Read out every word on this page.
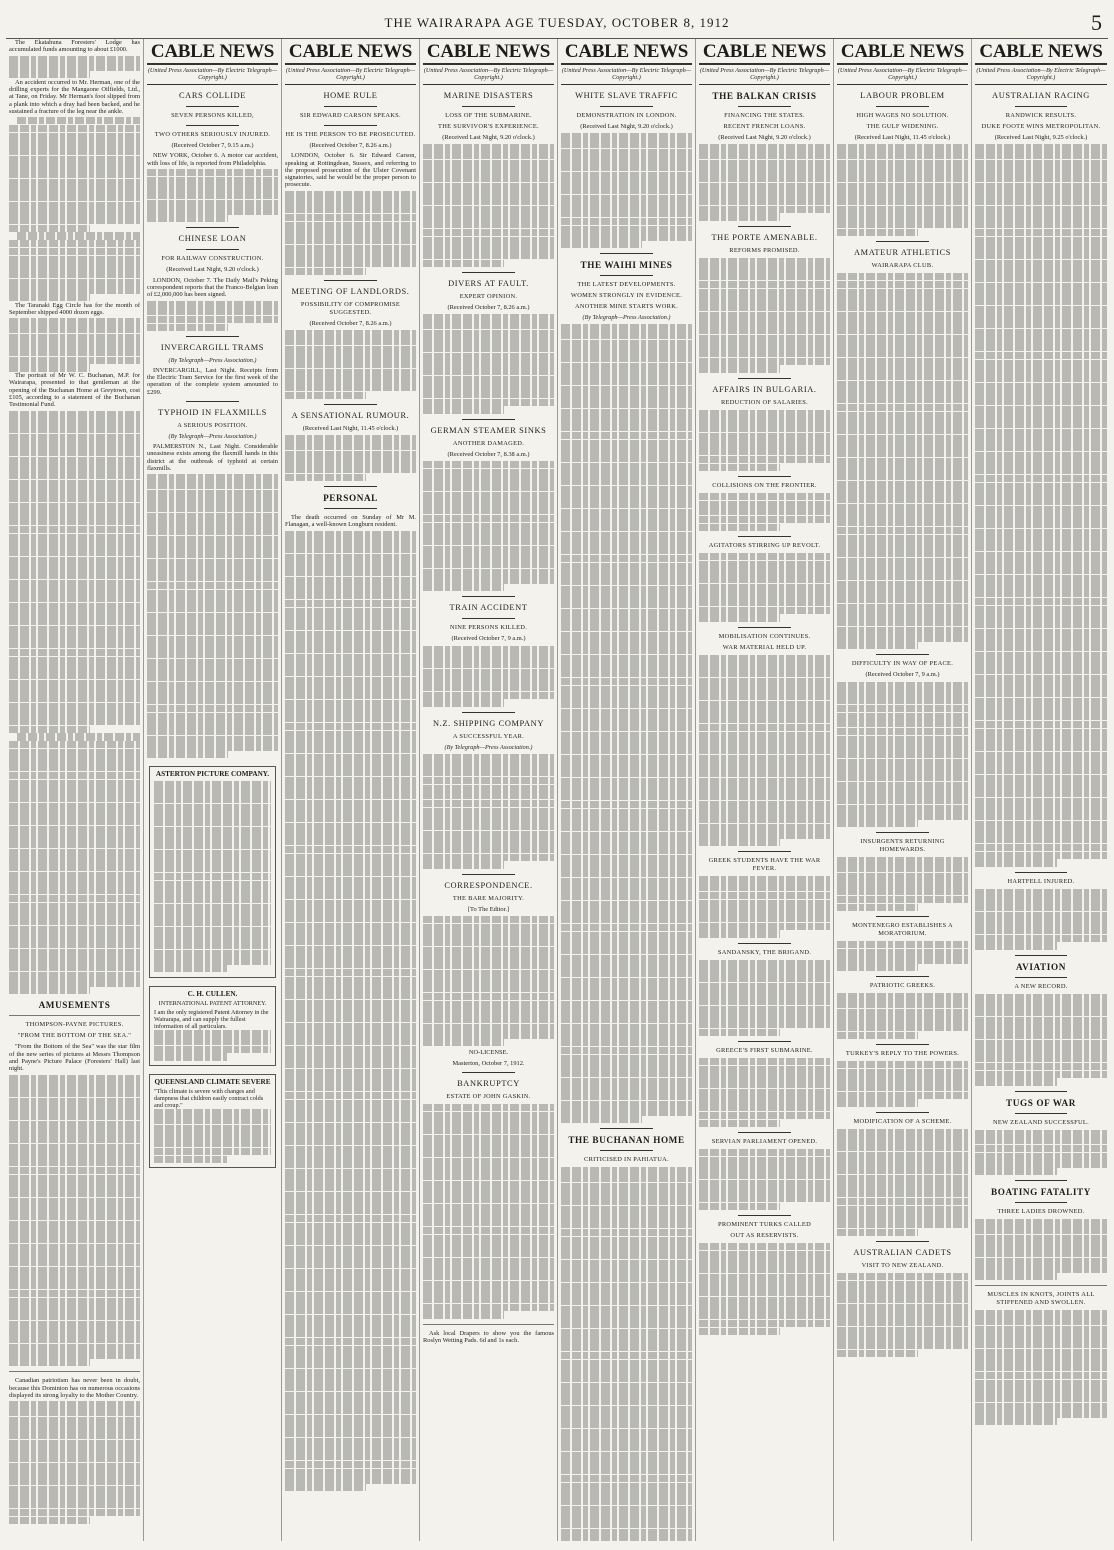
THE WAIRARAPA AGE TUESDAY, OCTOBER 8, 1912	5

The Ekatahuna Foresters' Lodge has accumulated funds amounting to about £1000.

An accident occurred to Mr. Herman, one of the drilling experts for the Mangaone Oilfields, Ltd., at Tane, on Friday. Mr Herman's foot slipped from a plank into which a dray had been backed, and he sustained a fracture of the leg near the ankle.

The Taranaki Egg Circle has for the month of September shipped 4000 dozen eggs.

The portrait of Mr W. C. Buchanan, M.P. for Wairarapa, presented to that gentleman at the opening of the Buchanan Home at Greytown, cost £105, according to a statement of the Buchanan Testimonial Fund.

AMUSEMENTS
THOMPSON-PAYNE PICTURES.
"FROM THE BOTTOM OF THE SEA."

"From the Bottom of the Sea" was the star film of the new series of pictures at Messrs Thompson and Payne's Picture Palace (Foresters' Hall) last night.

Canadian patriotism has never been in doubt, because this Dominion has on numerous occasions displayed its strong loyalty to the Mother Country.

CABLE NEWS
(United Press Association—By Electric Telegraph—Copyright.)
CARS COLLIDE
SEVEN PERSONS KILLED,
TWO OTHERS SERIOUSLY INJURED.
(Received October 7, 9.15 a.m.)

NEW YORK, October 6. A motor car accident, with loss of life, is reported from Philadelphia.

CHINESE LOAN
FOR RAILWAY CONSTRUCTION.
(Received Last Night, 9.20 o'clock.)

LONDON, October 7. The Daily Mail's Peking correspondent reports that the Franco-Belgian loan of £2,000,000 has been signed.

INVERCARGILL TRAMS
(By Telegraph—Press Association.)

INVERCARGILL, Last Night. Receipts from the Electric Tram Service for the first week of the operation of the complete system amounted to £299.

TYPHOID IN FLAXMILLS
A SERIOUS POSITION.
(By Telegraph—Press Association.)

PALMERSTON N., Last Night. Considerable uneasiness exists among the flaxmill hands in this district at the outbreak of typhoid at certain flaxmills.

ASTERTON PICTURE COMPANY.
C. H. CULLEN.
INTERNATIONAL PATENT ATTORNEY.
I am the only registered Patent Attorney in the Wairarapa, and can supply the fullest information of all particulars.
QUEENSLAND CLIMATE SEVERE
"This climate is severe with changes and dampness that children easily contract colds and croup."
CABLE NEWS
(United Press Association—By Electric Telegraph—Copyright.)
HOME RULE
SIR EDWARD CARSON SPEAKS.
HE IS THE PERSON TO BE PROSECUTED.
(Received October 7, 8.26 a.m.)

LONDON, October 6. Sir Edward Carson, speaking at Rottingdean, Sussex, and referring to the proposed prosecution of the Ulster Covenant signatories, said he would be the proper person to prosecute.

MEETING OF LANDLORDS.
POSSIBILITY OF COMPROMISE SUGGESTED.
(Received October 7, 8.26 a.m.)
A SENSATIONAL RUMOUR.
(Received Last Night, 11.45 o'clock.)
PERSONAL

The death occurred on Sunday of Mr M. Flanagan, a well-known Longburn resident.

CABLE NEWS
(United Press Association—By Electric Telegraph—Copyright.)
MARINE DISASTERS
LOSS OF THE SUBMARINE.
THE SURVIVOR'S EXPERIENCE.
(Received Last Night, 9.20 o'clock.)
DIVERS AT FAULT.
EXPERT OPINION.
(Received October 7, 8.26 a.m.)
GERMAN STEAMER SINKS
ANOTHER DAMAGED.
(Received October 7, 8.38 a.m.)
TRAIN ACCIDENT
NINE PERSONS KILLED.
(Received October 7, 9 a.m.)
N.Z. SHIPPING COMPANY
A SUCCESSFUL YEAR.
(By Telegraph—Press Association.)
CORRESPONDENCE.
THE BARE MAJORITY.
[To The Editor.]
NO-LICENSE.
Masterton, October 7, 1912.
BANKRUPTCY
ESTATE OF JOHN GASKIN.

Ask local Drapers to show you the famous Roslyn Wetting Pads. 6d and 1s each.

CABLE NEWS
(United Press Association—By Electric Telegraph—Copyright.)
WHITE SLAVE TRAFFIC
DEMONSTRATION IN LONDON.
(Received Last Night, 9.20 o'clock.)
THE WAIHI MINES
THE LATEST DEVELOPMENTS.
WOMEN STRONGLY IN EVIDENCE.
ANOTHER MINE STARTS WORK.
(By Telegraph—Press Association.)
THE BUCHANAN HOME
CRITICISED IN PAHIATUA.
CABLE NEWS
(United Press Association—By Electric Telegraph—Copyright.)
THE BALKAN CRISIS
FINANCING THE STATES.
RECENT FRENCH LOANS.
(Received Last Night, 9.20 o'clock.)
THE PORTE AMENABLE.
REFORMS PROMISED.
AFFAIRS IN BULGARIA.
REDUCTION OF SALARIES.
COLLISIONS ON THE FRONTIER.
AGITATORS STIRRING UP REVOLT.
MOBILISATION CONTINUES.
WAR MATERIAL HELD UP.
GREEK STUDENTS HAVE THE WAR FEVER.
SANDANSKY, THE BRIGAND.
GREECE'S FIRST SUBMARINE.
SERVIAN PARLIAMENT OPENED.
PROMINENT TURKS CALLED
OUT AS RESERVISTS.
CABLE NEWS
(United Press Association—By Electric Telegraph—Copyright.)
LABOUR PROBLEM
HIGH WAGES NO SOLUTION.
THE GULF WIDENING.
(Received Last Night, 11.45 o'clock.)
AMATEUR ATHLETICS
WAIRARAPA CLUB.
DIFFICULTY IN WAY OF PEACE.
(Received October 7, 9 a.m.)
INSURGENTS RETURNING HOMEWARDS.
MONTENEGRO ESTABLISHES A MORATORIUM.
PATRIOTIC GREEKS.
TURKEY'S REPLY TO THE POWERS.
MODIFICATION OF A SCHEME.
AUSTRALIAN CADETS
VISIT TO NEW ZEALAND.
CABLE NEWS
(United Press Association—By Electric Telegraph—Copyright.)
AUSTRALIAN RACING
RANDWICK RESULTS.
DUKE FOOTE WINS METROPOLITAN.
(Received Last Night, 9.25 o'clock.)
HARTFELL INJURED.
AVIATION
A NEW RECORD.
TUGS OF WAR
NEW ZEALAND SUCCESSFUL.
BOATING FATALITY
THREE LADIES DROWNED.
MUSCLES IN KNOTS, JOINTS ALL STIFFENED AND SWOLLEN.
